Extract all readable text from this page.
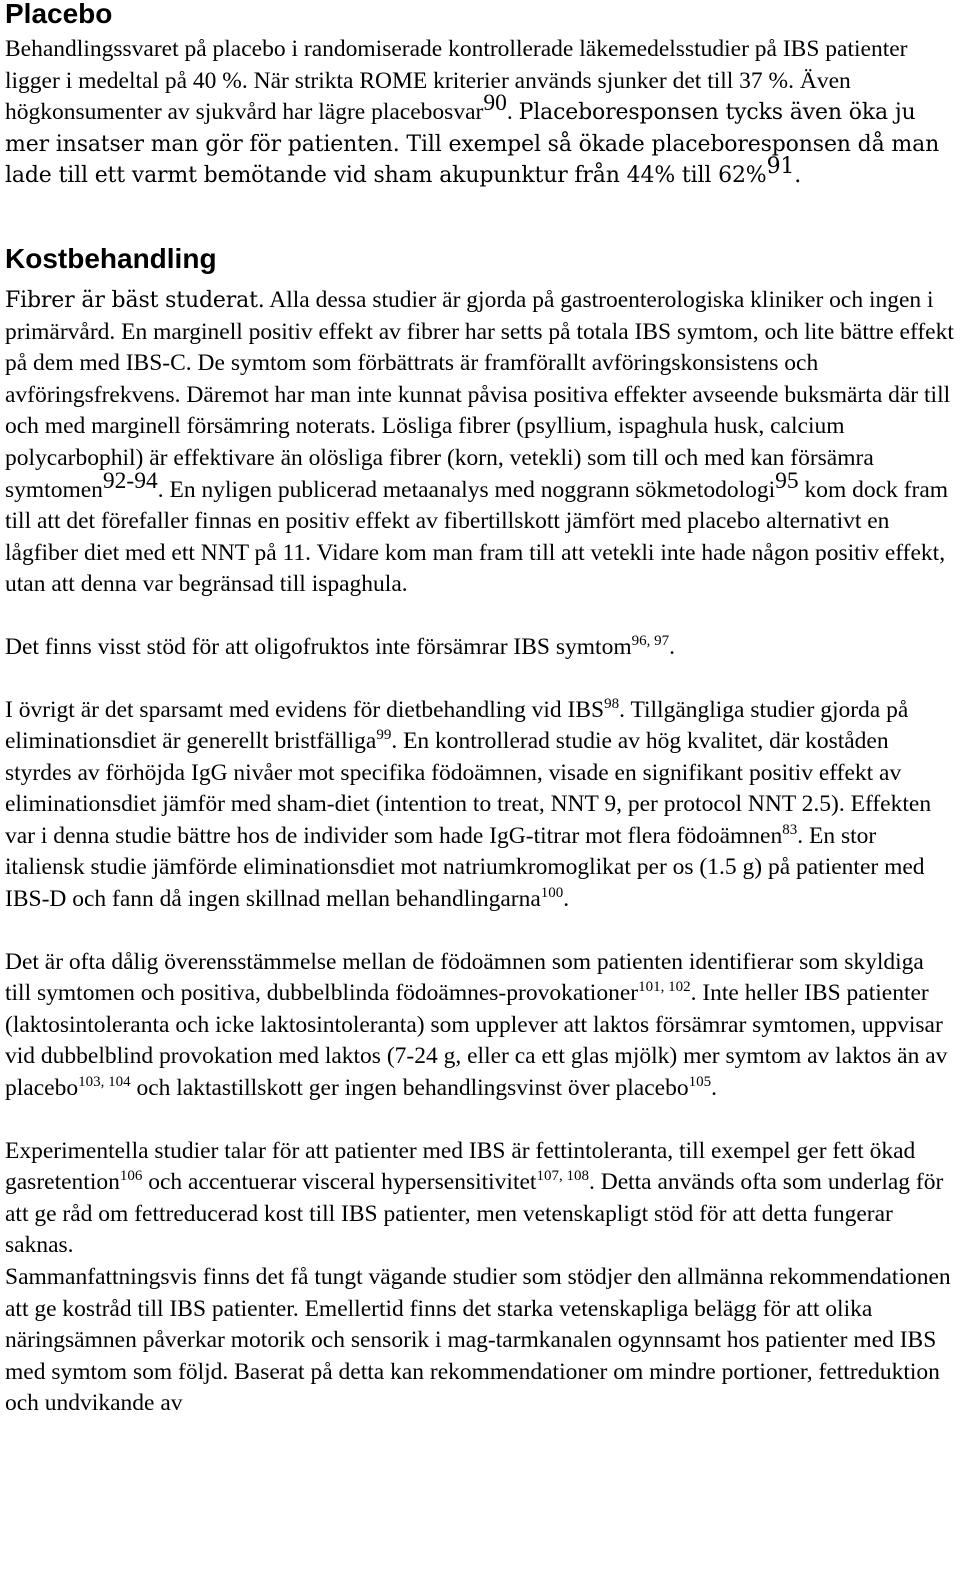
Placebo

Behandlingssvaret på placebo i randomiserade kontrollerade läkemedelsstudier på IBS patienter ligger i medeltal på 40 %. När strikta ROME kriterier används sjunker det till 37 %. Även högkonsumenter av sjukvård har lägre placebosvar$^{90}$. Placeboresponsen tycks även öka ju mer insatser man gör för patienten. Till exempel så ökade placeboresponsen då man lade till ett varmt bemötande vid sham akupunktur från 44% till 62%$^{91}$.

Kostbehandling

Fibrer är bäst studerat. Alla dessa studier är gjorda på gastroenterologiska kliniker och ingen i primärvård. En marginell positiv effekt av fibrer har setts på totala IBS symtom, och lite bättre effekt på dem med IBS-C. De symtom som förbättrats är framförallt avföringskonsistens och avföringsfrekvens. Däremot har man inte kunnat påvisa positiva effekter avseende buksmärta där till och med marginell försämring noterats. Lösliga fibrer (psyllium, ispaghula husk, calcium polycarbophil) är effektivare än olösliga fibrer (korn, vetekli) som till och med kan försämra symtomen$^{92-94}$. En nyligen publicerad metaanalys med noggrann sökmetodologi$^{95}$ kom dock fram till att det förefaller finnas en positiv effekt av fibertillskott jämfört med placebo alternativt en lågfiber diet med ett NNT på 11. Vidare kom man fram till att vetekli inte hade någon positiv effekt, utan att denna var begränsad till ispaghula.

Det finns visst stöd för att oligofruktos inte försämrar IBS symtom$^{96, 97}$.

I övrigt är det sparsamt med evidens för dietbehandling vid IBS$^{98}$. Tillgängliga studier gjorda på eliminationsdiet är generellt bristfälliga$^{99}$. En kontrollerad studie av hög kvalitet, där koståden styrdes av förhöjda IgG nivåer mot specifika födoämnen, visade en signifikant positiv effekt av eliminationsdiet jämför med sham-diet (intention to treat, NNT 9, per protocol NNT 2.5). Effekten var i denna studie bättre hos de individer som hade IgG-titrar mot flera födoämnen$^{83}$. En stor italiensk studie jämförde eliminationsdiet mot natriumkromoglikat per os (1.5 g) på patienter med IBS-D och fann då ingen skillnad mellan behandlingarna$^{100}$.

Det är ofta dålig överensstämmelse mellan de födoämnen som patienten identifierar som skyldiga till symtomen och positiva, dubbelblinda födoämnes-provokationer$^{101, 102}$. Inte heller IBS patienter (laktosintoleranta och icke laktosintoleranta) som upplever att laktos försämrar symtomen, uppvisar vid dubbelblind provokation med laktos (7-24 g, eller ca ett glas mjölk) mer symtom av laktos än av placebo$^{103, 104}$ och laktastillskott ger ingen behandlingsvinst över placebo$^{105}$.

Experimentella studier talar för att patienter med IBS är fettintoleranta, till exempel ger fett ökad gasretention$^{106}$ och accentuerar visceral hypersensitivitet$^{107, 108}$. Detta används ofta som underlag för att ge råd om fettreducerad kost till IBS patienter, men vetenskapligt stöd för att detta fungerar saknas.

Sammanfattningsvis finns det få tungt vägande studier som stödjer den allmänna rekommendationen att ge kostråd till IBS patienter. Emellertid finns det starka vetenskapliga belägg för att olika näringsämnen påverkar motorik och sensorik i mag-tarmkanalen ogynnsamt hos patienter med IBS med symtom som följd. Baserat på detta kan rekommendationer om mindre portioner, fettreduktion och undvikande av
